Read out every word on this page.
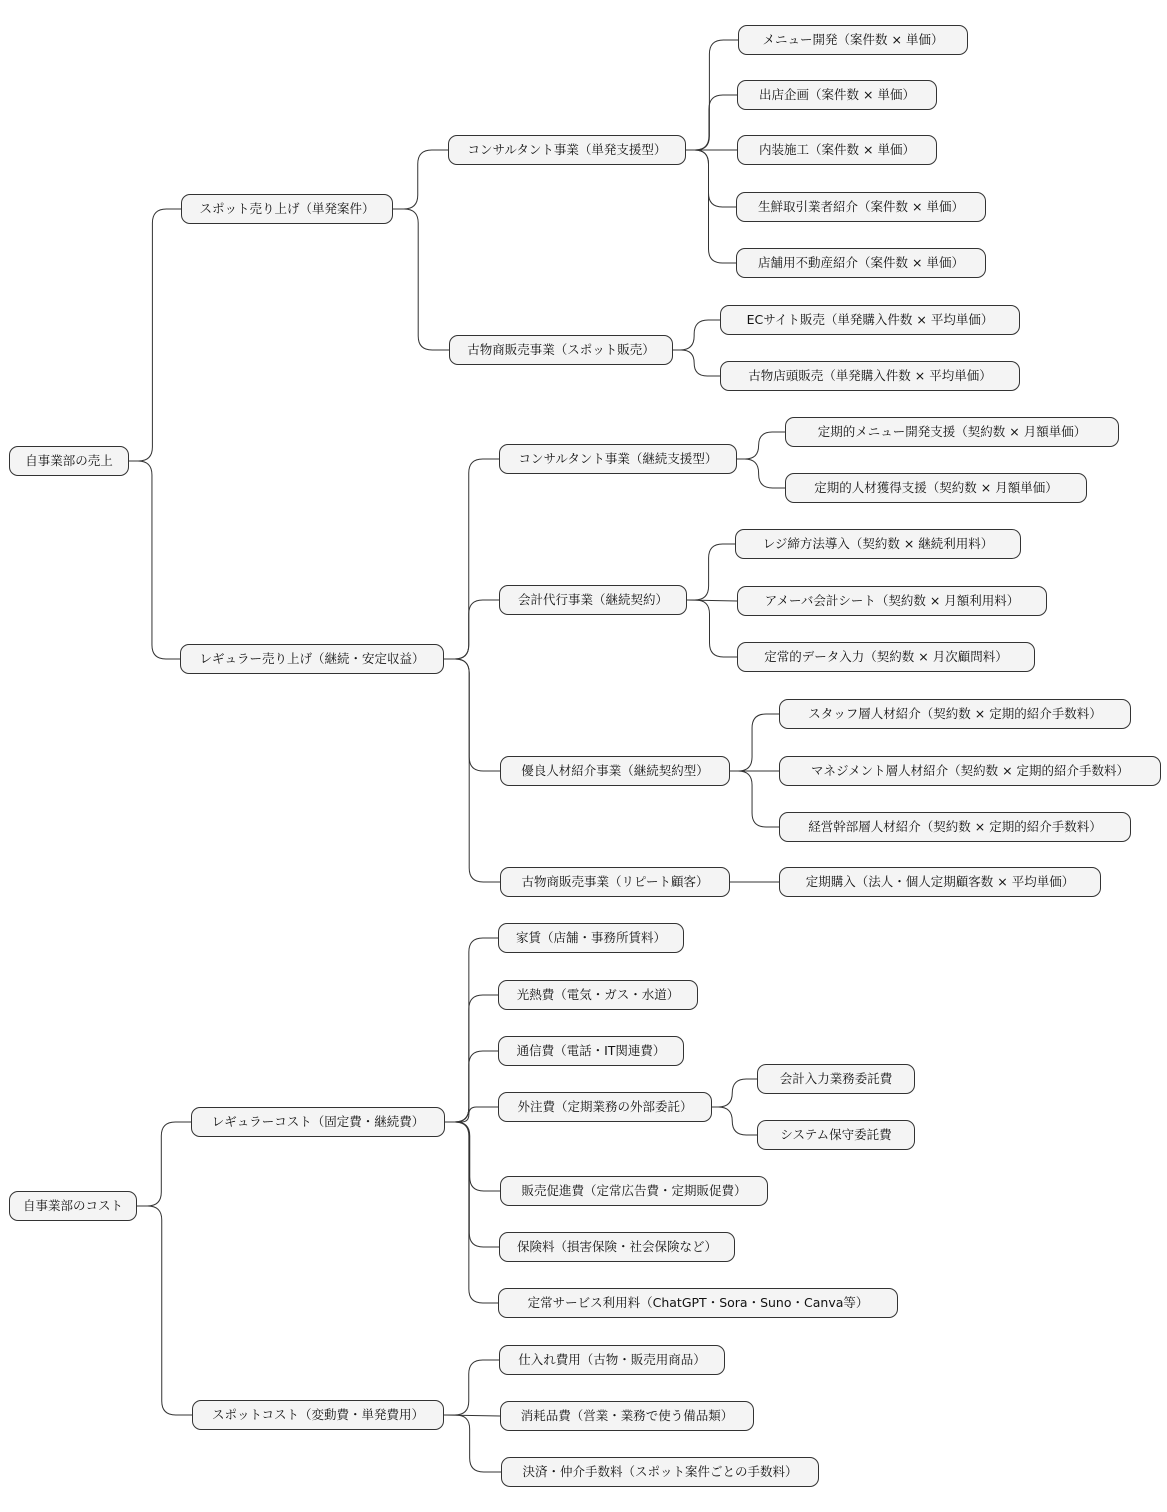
自事業部の売上
スポット売り上げ（単発案件）
コンサルタント事業（単発支援型）
メニュー開発（案件数 × 単価）
出店企画（案件数 × 単価）
内装施工（案件数 × 単価）
生鮮取引業者紹介（案件数 × 単価）
店舗用不動産紹介（案件数 × 単価）
古物商販売事業（スポット販売）
ECサイト販売（単発購入件数 × 平均単価）
古物店頭販売（単発購入件数 × 平均単価）
レギュラー売り上げ（継続・安定収益）
コンサルタント事業（継続支援型）
定期的メニュー開発支援（契約数 × 月額単価）
定期的人材獲得支援（契約数 × 月額単価）
会計代行事業（継続契約）
レジ締方法導入（契約数 × 継続利用料）
アメーバ会計シート（契約数 × 月額利用料）
定常的データ入力（契約数 × 月次顧問料）
優良人材紹介事業（継続契約型）
スタッフ層人材紹介（契約数 × 定期的紹介手数料）
マネジメント層人材紹介（契約数 × 定期的紹介手数料）
経営幹部層人材紹介（契約数 × 定期的紹介手数料）
古物商販売事業（リピート顧客）	定期購入（法人・個人定期顧客数 × 平均単価）
自事業部のコスト
レギュラーコスト（固定費・継続費）
家賃（店舗・事務所賃料）
光熱費（電気・ガス・水道）
通信費（電話・IT関連費）
外注費（定期業務の外部委託）
会計入力業務委託費
システム保守委託費
販売促進費（定常広告費・定期販促費）
保険料（損害保険・社会保険など）
定常サービス利用料（ChatGPT・Sora・Suno・Canva等）
スポットコスト（変動費・単発費用）
仕入れ費用（古物・販売用商品）
消耗品費（営業・業務で使う備品類）
決済・仲介手数料（スポット案件ごとの手数料）
